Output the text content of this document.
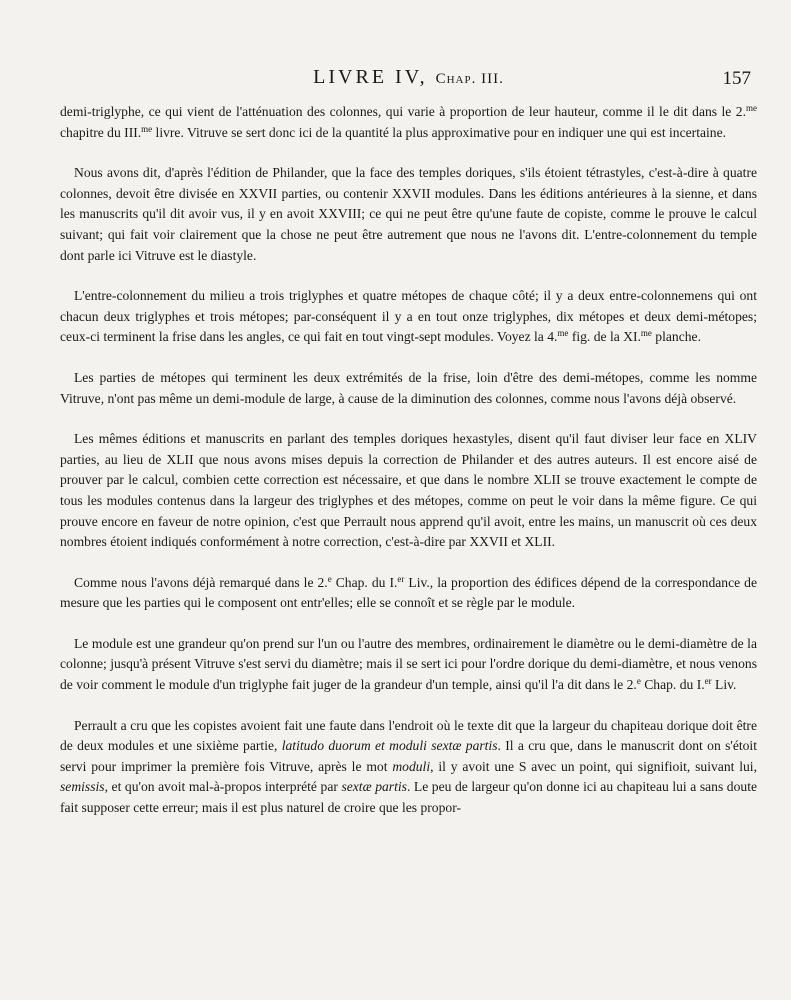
LIVRE IV, Chap. III.	157

demi-triglyphe, ce qui vient de l'atténuation des colonnes, qui varie à proportion de leur hauteur, comme il le dit dans le 2.$^{me}$ chapitre du III.$^{me}$ livre. Vitruve se sert donc ici de la quantité la plus approximative pour en indiquer une qui est incertaine.

Nous avons dit, d'après l'édition de Philander, que la face des temples doriques, s'ils étoient tétrastyles, c'est-à-dire à quatre colonnes, devoit être divisée en XXVII parties, ou contenir XXVII modules. Dans les éditions antérieures à la sienne, et dans les manuscrits qu'il dit avoir vus, il y en avoit XXVIII; ce qui ne peut être qu'une faute de copiste, comme le prouve le calcul suivant; qui fait voir clairement que la chose ne peut être autrement que nous ne l'avons dit. L'entre-colonnement du temple dont parle ici Vitruve est le diastyle.

L'entre-colonnement du milieu a trois triglyphes et quatre métopes de chaque côté; il y a deux entre-colonnemens qui ont chacun deux triglyphes et trois métopes; par-conséquent il y a en tout onze triglyphes, dix métopes et deux demi-métopes; ceux-ci terminent la frise dans les angles, ce qui fait en tout vingt-sept modules. Voyez la 4.$^{me}$ fig. de la XI.$^{me}$ planche.

Les parties de métopes qui terminent les deux extrémités de la frise, loin d'être des demi-métopes, comme les nomme Vitruve, n'ont pas même un demi-module de large, à cause de la diminution des colonnes, comme nous l'avons déjà observé.

Les mêmes éditions et manuscrits en parlant des temples doriques hexastyles, disent qu'il faut diviser leur face en XLIV parties, au lieu de XLII que nous avons mises depuis la correction de Philander et des autres auteurs. Il est encore aisé de prouver par le calcul, combien cette correction est nécessaire, et que dans le nombre XLII se trouve exactement le compte de tous les modules contenus dans la largeur des triglyphes et des métopes, comme on peut le voir dans la même figure. Ce qui prouve encore en faveur de notre opinion, c'est que Perrault nous apprend qu'il avoit, entre les mains, un manuscrit où ces deux nombres étoient indiqués conformément à notre correction, c'est-à-dire par XXVII et XLII.

Comme nous l'avons déjà remarqué dans le 2.$^e$ Chap. du I.$^{er}$ Liv., la proportion des édifices dépend de la correspondance de mesure que les parties qui le composent ont entr'elles; elle se connoît et se règle par le module.

Le module est une grandeur qu'on prend sur l'un ou l'autre des membres, ordinairement le diamètre ou le demi-diamètre de la colonne; jusqu'à présent Vitruve s'est servi du diamètre; mais il se sert ici pour l'ordre dorique du demi-diamètre, et nous venons de voir comment le module d'un triglyphe fait juger de la grandeur d'un temple, ainsi qu'il l'a dit dans le 2.$^e$ Chap. du I.$^{er}$ Liv.

Perrault a cru que les copistes avoient fait une faute dans l'endroit où le texte dit que la largeur du chapiteau dorique doit être de deux modules et une sixième partie, latitudo duorum et moduli sextæ partis. Il a cru que, dans le manuscrit dont on s'étoit servi pour imprimer la première fois Vitruve, après le mot moduli, il y avoit une S avec un point, qui signifioit, suivant lui, semissis, et qu'on avoit mal-à-propos interprété par sextæ partis. Le peu de largeur qu'on donne ici au chapiteau lui a sans doute fait supposer cette erreur; mais il est plus naturel de croire que les propor-
